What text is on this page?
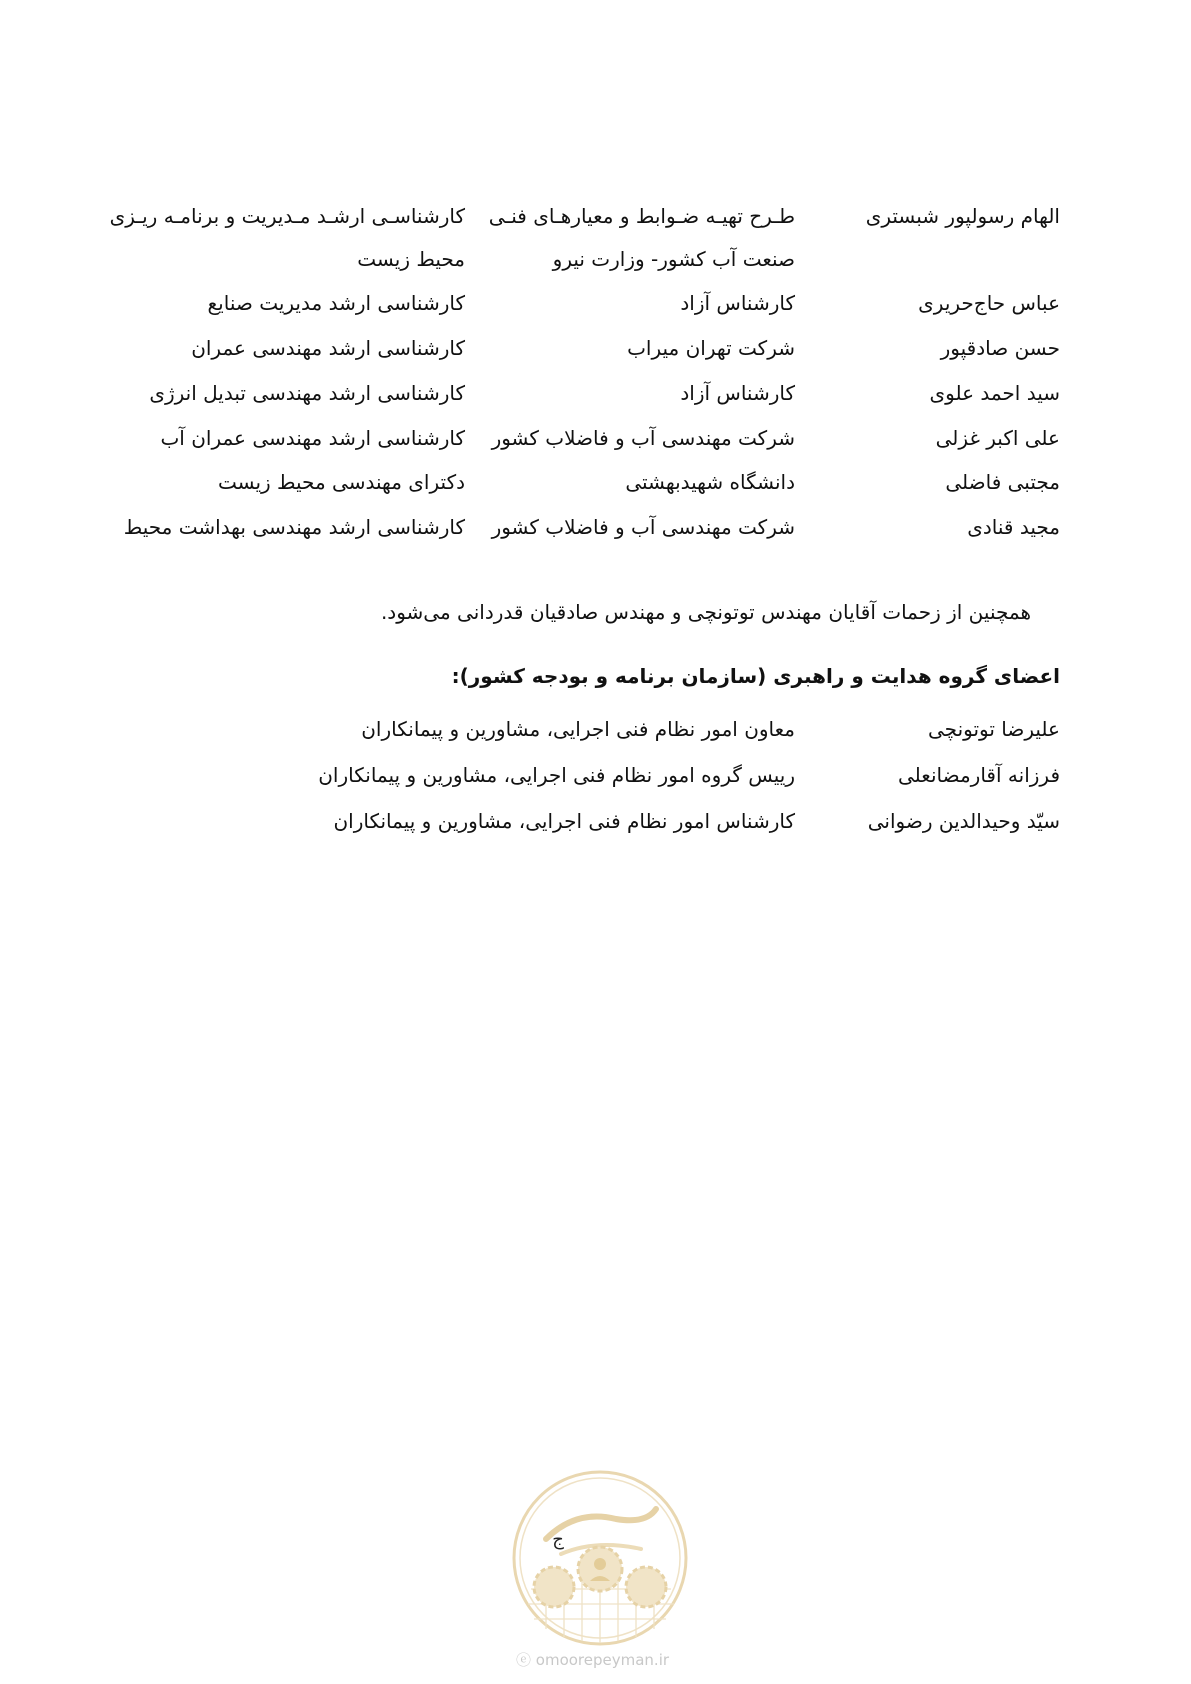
الهام رسولپور شبستری
طـرح تهیـه ضـوابط و معیارهـای فنـی
کارشناسـی ارشـد مـدیریت و برنامـه ریـزی
صنعت آب کشور- وزارت نیرو
محیط زیست
عباس حاج‌حریری
کارشناس آزاد
کارشناسی ارشد مدیریت صنایع
حسن صادقپور
شرکت تهران میراب
کارشناسی ارشد مهندسی عمران
سید احمد علوی
کارشناس آزاد
کارشناسی ارشد مهندسی تبدیل انرژی
علی اکبر غزلی
شرکت مهندسی آب و فاضلاب کشور
کارشناسی ارشد مهندسی عمران آب
مجتبی فاضلی
دانشگاه شهیدبهشتی
دکترای مهندسی محیط زیست
مجید قنادی
شرکت مهندسی آب و فاضلاب کشور
کارشناسی ارشد مهندسی بهداشت محیط
همچنین از زحمات آقایان مهندس توتونچی و مهندس صادقیان قدردانی می‌شود.
اعضای گروه هدایت و راهبری (سازمان برنامه و بودجه کشور):
علیرضا توتونچی
معاون امور نظام فنی اجرایی، مشاورین و پیمانکاران
فرزانه آقارمضانعلی
رییس گروه امور نظام فنی اجرایی، مشاورین و پیمانکاران
سیّد وحیدالدین رضوانی
کارشناس امور نظام فنی اجرایی، مشاورین و پیمانکاران
ج
ⓔ omoorepeyman.ir
